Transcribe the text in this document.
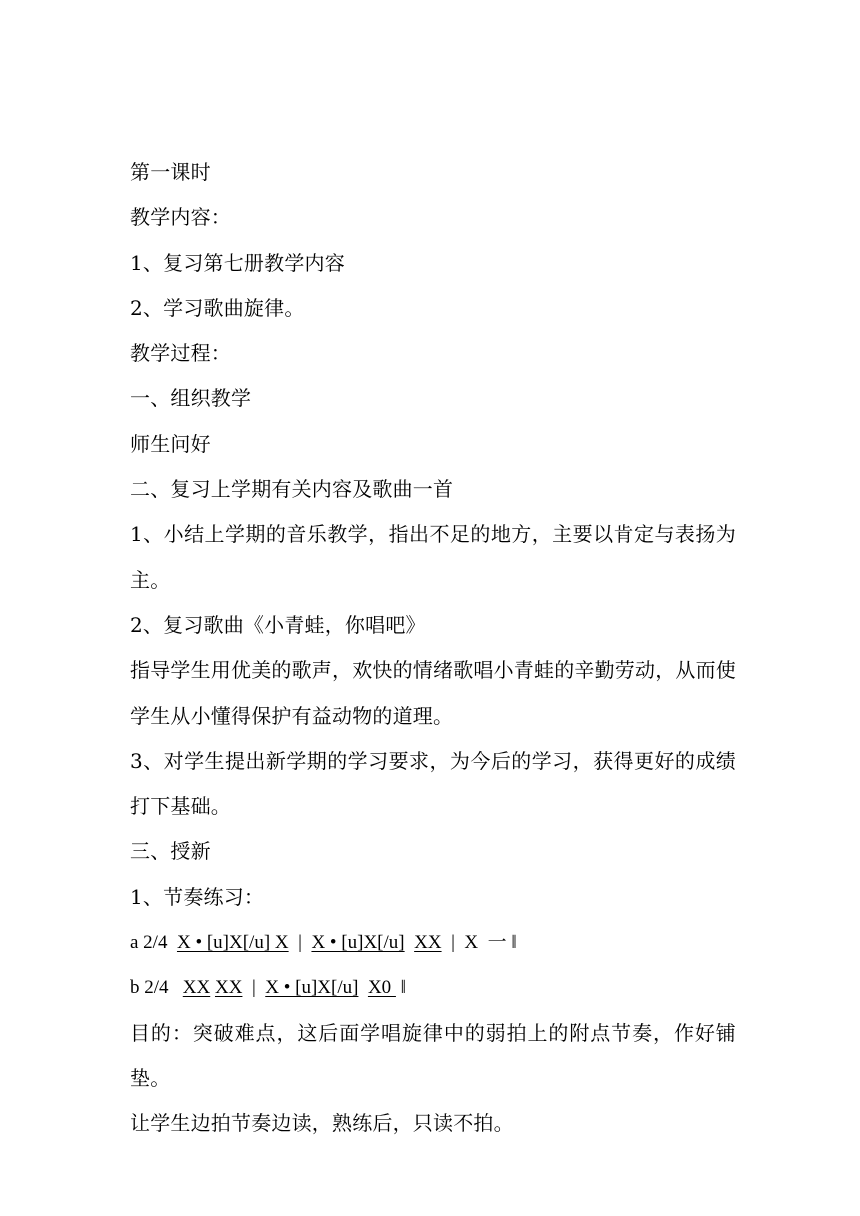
第一课时
教学内容：
1、复习第七册教学内容
2、学习歌曲旋律。
教学过程：
一、组织教学
师生问好
二、复习上学期有关内容及歌曲一首
1、小结上学期的音乐教学，指出不足的地方，主要以肯定与表扬为主。
2、复习歌曲《小青蛙，你唱吧》
指导学生用优美的歌声，欢快的情绪歌唱小青蛙的辛勤劳动，从而使学生从小懂得保护有益动物的道理。
3、对学生提出新学期的学习要求，为今后的学习，获得更好的成绩打下基础。
三、授新
1、节奏练习：
a 2/4  X • [u]X[/u] X  |  X • [u]X[/u] XX  |  X  一 ‖
b 2/4   XX XX  |  X • [u]X[/u] X0  ‖
目的：突破难点，这后面学唱旋律中的弱拍上的附点节奏，作好铺垫。
让学生边拍节奏边读，熟练后，只读不拍。
